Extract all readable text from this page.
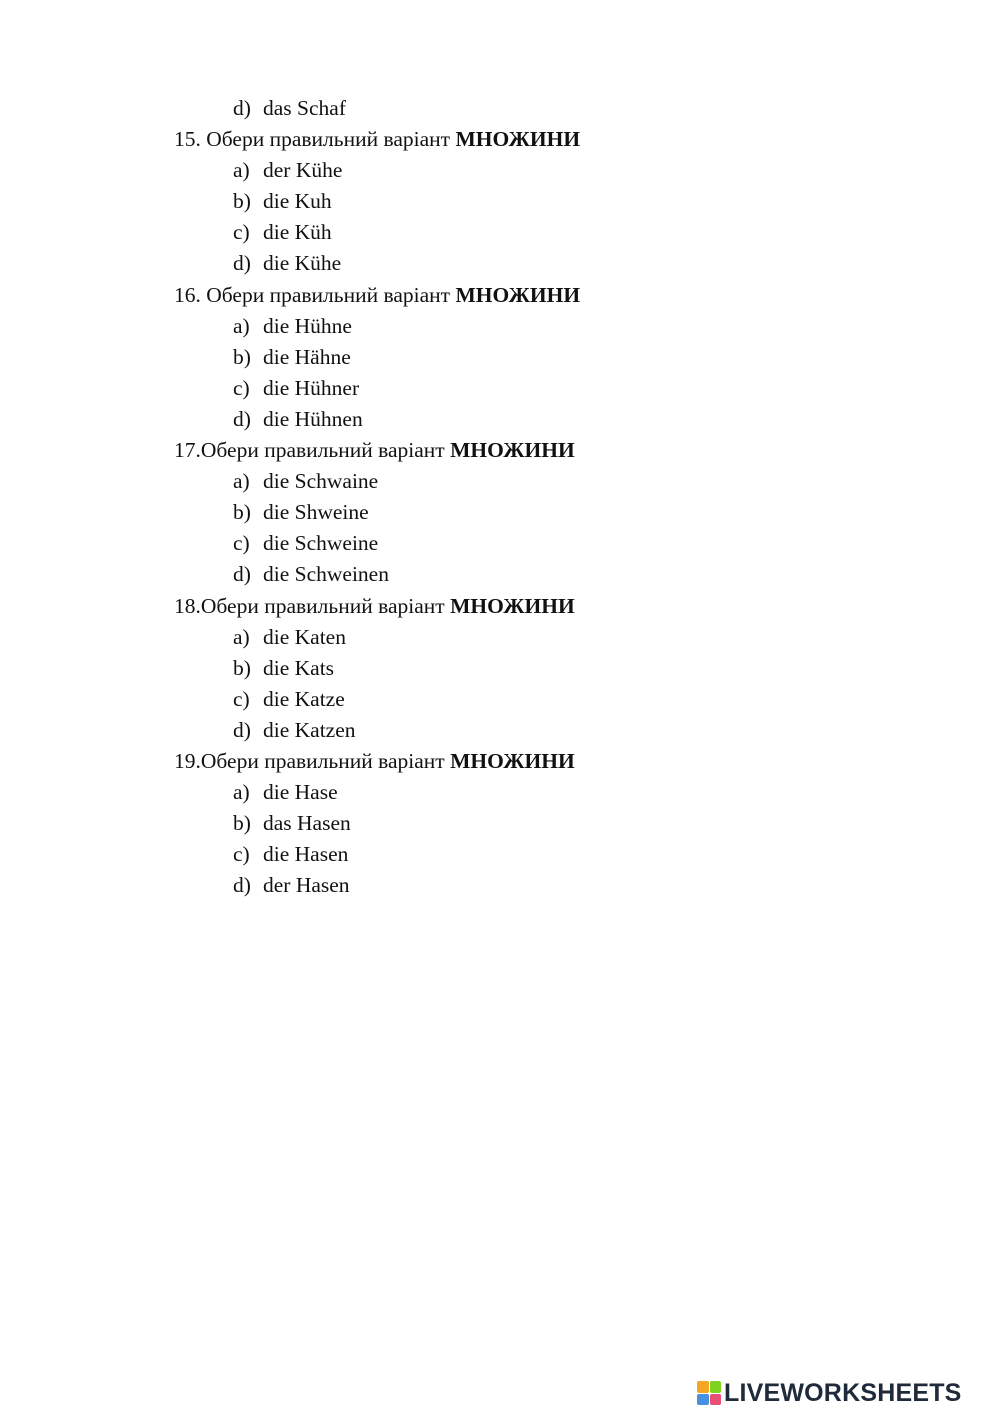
d) das Schaf
15. Обери правильний варіант МНОЖИНИ
a) der Kühe
b) die Kuh
c) die Küh
d) die Kühe
16. Обери правильний варіант МНОЖИНИ
a) die Hühne
b) die Hähne
c) die Hühner
d) die Hühnen
17.Обери правильний варіант МНОЖИНИ
a) die Schwaine
b) die Shweine
c) die Schweine
d) die Schweinen
18.Обери правильний варіант МНОЖИНИ
a) die Katen
b) die Kats
c) die Katze
d) die Katzen
19.Обери правильний варіант МНОЖИНИ
a) die Hase
b) das Hasen
c) die Hasen
d) der Hasen
LIVEWORKSHEETS
